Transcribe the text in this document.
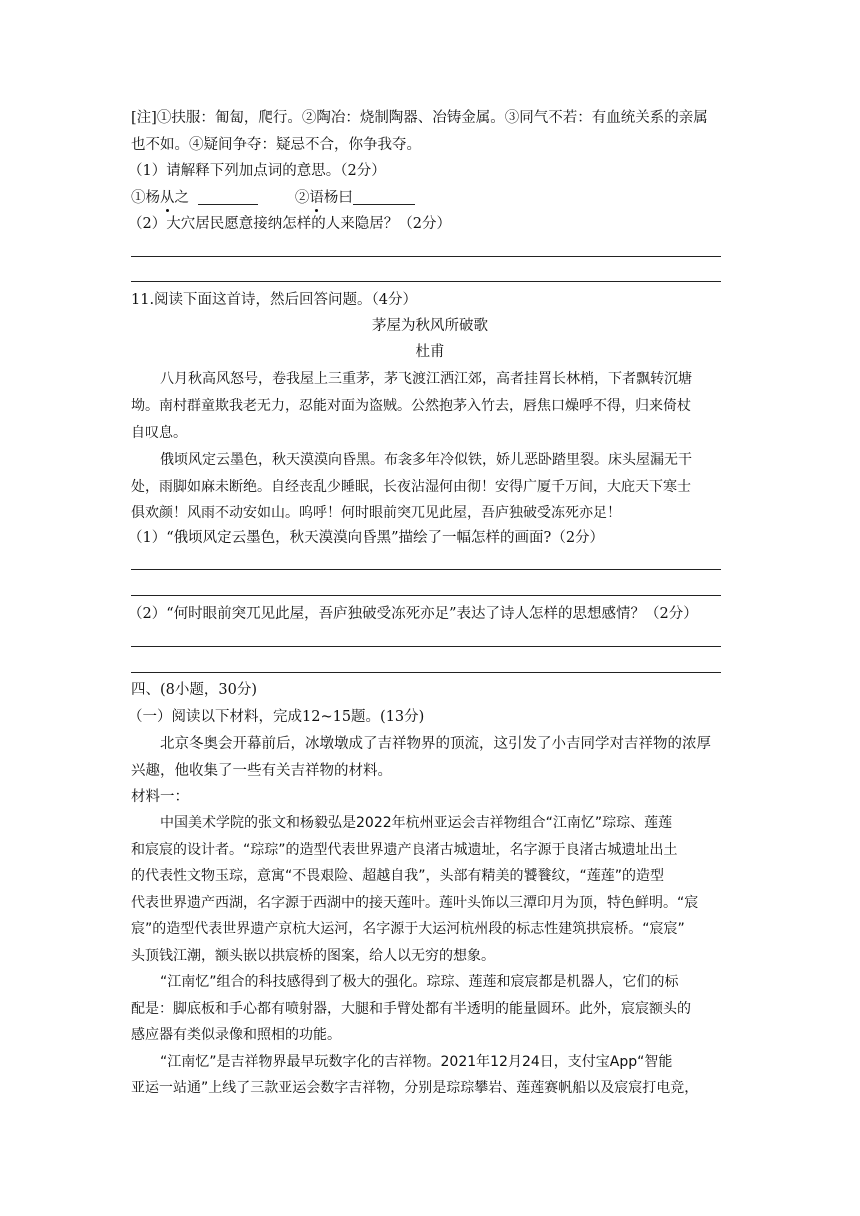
[注]①扶服：匍匐，爬行。②陶冶：烧制陶器、冶铸金属。③同气不若：有血统关系的亲属
也不如。④疑间争夺：疑忌不合，你争我夺。
（1）请解释下列加点词的意思。（2分）
①杨从之	②语杨曰
（2）大穴居民愿意接纳怎样的人来隐居？（2分）
11.阅读下面这首诗，然后回答问题。（4分）
茅屋为秋风所破歌
杜甫
八月秋高风怒号，卷我屋上三重茅，茅飞渡江洒江郊，高者挂罥长林梢，下者飘转沉塘
坳。南村群童欺我老无力，忍能对面为盗贼。公然抱茅入竹去，唇焦口燥呼不得，归来倚杖
自叹息。
俄顷风定云墨色，秋天漠漠向昏黑。布衾多年冷似铁，娇儿恶卧踏里裂。床头屋漏无干
处，雨脚如麻未断绝。自经丧乱少睡眠，长夜沾湿何由彻！安得广厦千万间，大庇天下寒士
俱欢颜！风雨不动安如山。呜呼！何时眼前突兀见此屋，吾庐独破受冻死亦足！
（1）“俄顷风定云墨色，秋天漠漠向昏黑”描绘了一幅怎样的画面?（2分）
（2）“何时眼前突兀见此屋，吾庐独破受冻死亦足”表达了诗人怎样的思想感情？（2分）
四、(8小题，30分)
（一）阅读以下材料，完成12~15题。(13分)
北京冬奥会开幕前后，冰墩墩成了吉祥物界的顶流，这引发了小吉同学对吉祥物的浓厚
兴趣，他收集了一些有关吉祥物的材料。
材料一：
中国美术学院的张文和杨毅弘是2022年杭州亚运会吉祥物组合“江南忆”琮琮、莲莲
和宸宸的设计者。“琮琮”的造型代表世界遗产良渚古城遗址，名字源于良渚古城遗址出土
的代表性文物玉琮，意寓“不畏艰险、超越自我”，头部有精美的饕餮纹，“莲莲”的造型
代表世界遗产西湖，名字源于西湖中的接天莲叶。莲叶头饰以三潭印月为顶，特色鲜明。“宸
宸”的造型代表世界遗产京杭大运河，名字源于大运河杭州段的标志性建筑拱宸桥。“宸宸”
头顶钱江潮，额头嵌以拱宸桥的图案，给人以无穷的想象。
“江南忆”组合的科技感得到了极大的强化。琮琮、莲莲和宸宸都是机器人，它们的标
配是：脚底板和手心都有喷射器，大腿和手臂处都有半透明的能量圆环。此外，宸宸额头的
感应器有类似录像和照相的功能。
“江南忆”是吉祥物界最早玩数字化的吉祥物。2021年12月24日，支付宝App“智能
亚运一站通”上线了三款亚运会数字吉祥物，分别是琮琮攀岩、莲莲赛帆船以及宸宸打电竞，
